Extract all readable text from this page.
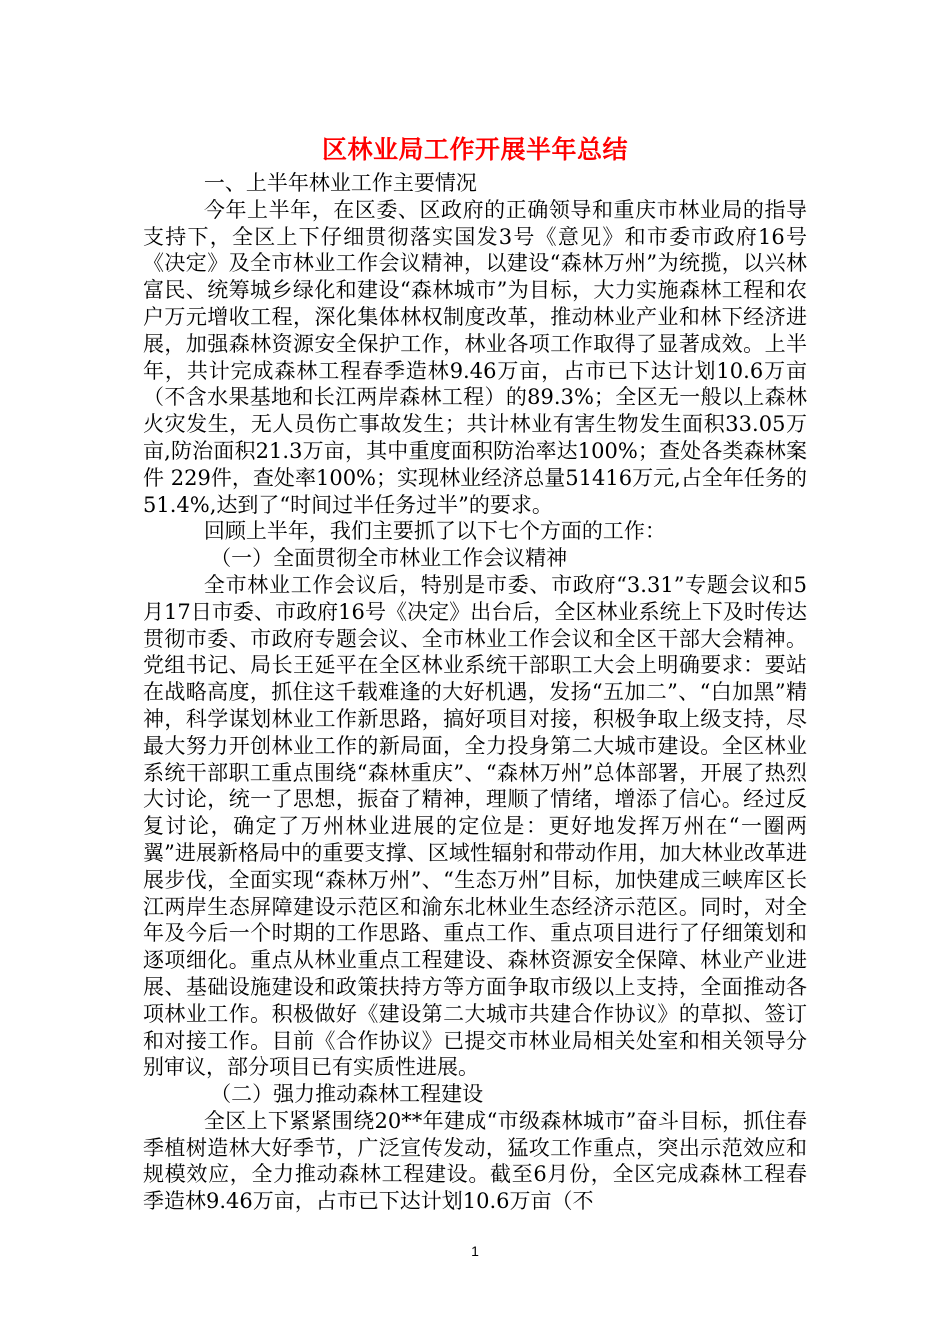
区林业局工作开展半年总结

一、上半年林业工作主要情况

今年上半年，在区委、区政府的正确领导和重庆市林业局的指导支持下，全区上下仔细贯彻落实国发3号《意见》和市委市政府16号《决定》及全市林业工作会议精神，以建设“森林万州”为统揽，以兴林富民、统筹城乡绿化和建设“森林城市”为目标，大力实施森林工程和农户万元增收工程，深化集体林权制度改革，推动林业产业和林下经济进展，加强森林资源安全保护工作，林业各项工作取得了显著成效。上半年，共计完成森林工程春季造林9.46万亩，占市已下达计划10.6万亩（不含水果基地和长江两岸森林工程）的89.3%；全区无一般以上森林火灾发生，无人员伤亡事故发生；共计林业有害生物发生面积33.05万亩,防治面积21.3万亩，其中重度面积防治率达100%；查处各类森林案件 229件，查处率100%；实现林业经济总量51416万元,占全年任务的51.4%,达到了“时间过半任务过半”的要求。

回顾上半年，我们主要抓了以下七个方面的工作：

（一）全面贯彻全市林业工作会议精神

全市林业工作会议后，特别是市委、市政府“3.31”专题会议和5月17日市委、市政府16号《决定》出台后，全区林业系统上下及时传达贯彻市委、市政府专题会议、全市林业工作会议和全区干部大会精神。党组书记、局长王延平在全区林业系统干部职工大会上明确要求：要站在战略高度，抓住这千载难逢的大好机遇，发扬“五加二”、“白加黑”精神，科学谋划林业工作新思路，搞好项目对接，积极争取上级支持，尽最大努力开创林业工作的新局面，全力投身第二大城市建设。全区林业系统干部职工重点围绕“森林重庆”、“森林万州”总体部署，开展了热烈大讨论，统一了思想，振奋了精神，理顺了情绪，增添了信心。经过反复讨论，确定了万州林业进展的定位是：更好地发挥万州在“一圈两翼”进展新格局中的重要支撑、区域性辐射和带动作用，加大林业改革进展步伐，全面实现“森林万州”、“生态万州”目标，加快建成三峡库区长江两岸生态屏障建设示范区和渝东北林业生态经济示范区。同时，对全年及今后一个时期的工作思路、重点工作、重点项目进行了仔细策划和逐项细化。重点从林业重点工程建设、森林资源安全保障、林业产业进展、基础设施建设和政策扶持方等方面争取市级以上支持，全面推动各项林业工作。积极做好《建设第二大城市共建合作协议》的草拟、签订和对接工作。目前《合作协议》已提交市林业局相关处室和相关领导分别审议，部分项目已有实质性进展。

（二）强力推动森林工程建设

全区上下紧紧围绕20**年建成“市级森林城市”奋斗目标，抓住春季植树造林大好季节，广泛宣传发动，猛攻工作重点，突出示范效应和规模效应，全力推动森林工程建设。截至6月份，全区完成森林工程春季造林9.46万亩，占市已下达计划10.6万亩（不

1
